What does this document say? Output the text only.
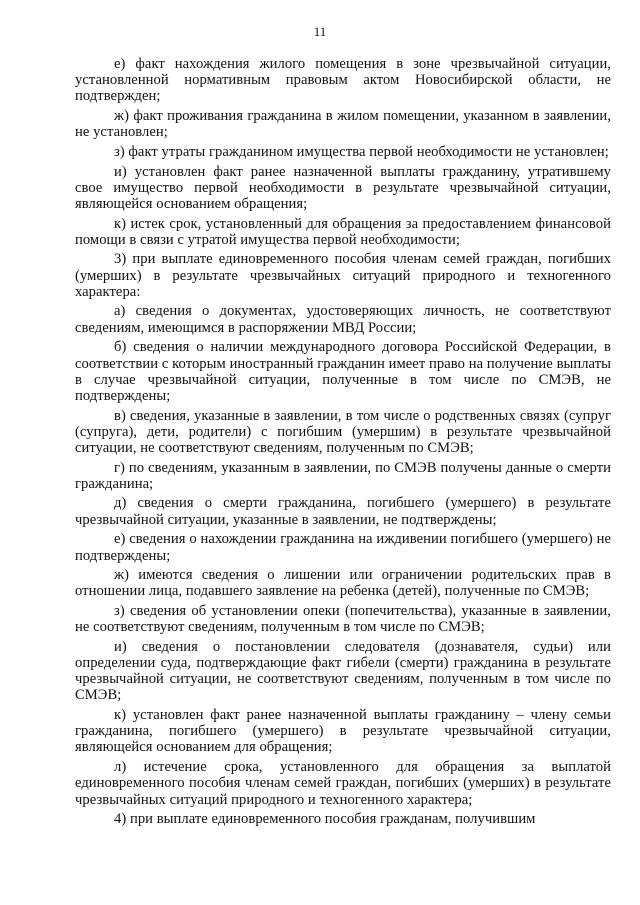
11

е) факт нахождения жилого помещения в зоне чрезвычайной ситуации, установленной нормативным правовым актом Новосибирской области, не подтвержден;

ж) факт проживания гражданина в жилом помещении, указанном в заявлении, не установлен;

з) факт утраты гражданином имущества первой необходимости не установлен;

и) установлен факт ранее назначенной выплаты гражданину, утратившему свое имущество первой необходимости в результате чрезвычайной ситуации, являющейся основанием обращения;

к) истек срок, установленный для обращения за предоставлением финансовой помощи в связи с утратой имущества первой необходимости;

3) при выплате единовременного пособия членам семей граждан, погибших (умерших) в результате чрезвычайных ситуаций природного и техногенного характера:

а) сведения о документах, удостоверяющих личность, не соответствуют сведениям, имеющимся в распоряжении МВД России;

б) сведения о наличии международного договора Российской Федерации, в соответствии с которым иностранный гражданин имеет право на получение выплаты в случае чрезвычайной ситуации, полученные в том числе по СМЭВ, не подтверждены;

в) сведения, указанные в заявлении, в том числе о родственных связях (супруг (супруга), дети, родители) с погибшим (умершим) в результате чрезвычайной ситуации, не соответствуют сведениям, полученным по СМЭВ;

г) по сведениям, указанным в заявлении, по СМЭВ получены данные о смерти гражданина;

д) сведения о смерти гражданина, погибшего (умершего) в результате чрезвычайной ситуации, указанные в заявлении, не подтверждены;

е) сведения о нахождении гражданина на иждивении погибшего (умершего) не подтверждены;

ж) имеются сведения о лишении или ограничении родительских прав в отношении лица, подавшего заявление на ребенка (детей), полученные по СМЭВ;

з) сведения об установлении опеки (попечительства), указанные в заявлении, не соответствуют сведениям, полученным в том числе по СМЭВ;

и) сведения о постановлении следователя (дознавателя, судьи) или определении суда, подтверждающие факт гибели (смерти) гражданина в результате чрезвычайной ситуации, не соответствуют сведениям, полученным в том числе по СМЭВ;

к) установлен факт ранее назначенной выплаты гражданину – члену семьи гражданина, погибшего (умершего) в результате чрезвычайной ситуации, являющейся основанием для обращения;

л) истечение срока, установленного для обращения за выплатой единовременного пособия членам семей граждан, погибших (умерших) в результате чрезвычайных ситуаций природного и техногенного характера;

4) при выплате единовременного пособия гражданам, получившим
